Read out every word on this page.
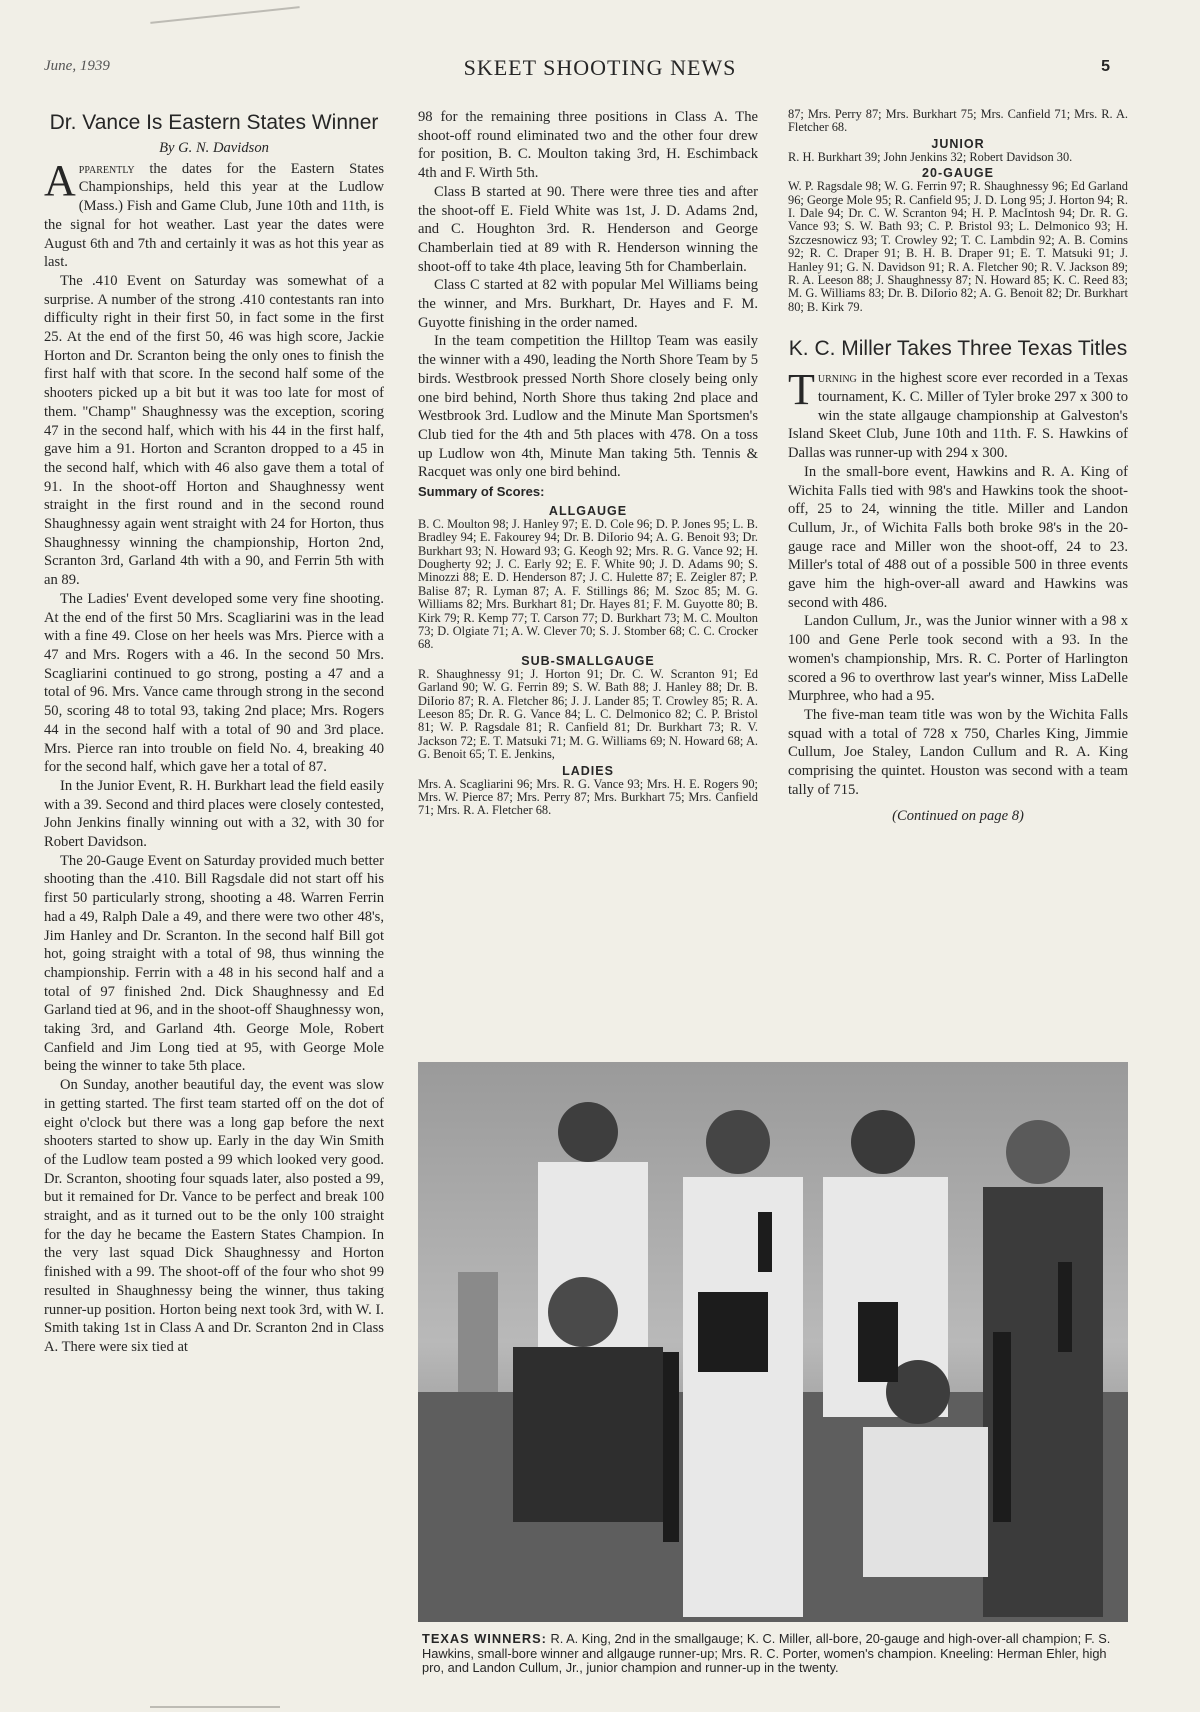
June, 1939	SKEET SHOOTING NEWS	5
Dr. Vance Is Eastern States Winner
By G. N. Davidson

Apparently the dates for the Eastern States Championships, held this year at the Ludlow (Mass.) Fish and Game Club, June 10th and 11th, is the signal for hot weather. Last year the dates were August 6th and 7th and certainly it was as hot this year as last.

The .410 Event on Saturday was somewhat of a surprise. A number of the strong .410 contestants ran into difficulty right in their first 50, in fact some in the first 25. At the end of the first 50, 46 was high score, Jackie Horton and Dr. Scranton being the only ones to finish the first half with that score. In the second half some of the shooters picked up a bit but it was too late for most of them. "Champ" Shaughnessy was the exception, scoring 47 in the second half, which with his 44 in the first half, gave him a 91. Horton and Scranton dropped to a 45 in the second half, which with 46 also gave them a total of 91. In the shoot-off Horton and Shaughnessy went straight in the first round and in the second round Shaughnessy again went straight with 24 for Horton, thus Shaughnessy winning the championship, Horton 2nd, Scranton 3rd, Garland 4th with a 90, and Ferrin 5th with an 89.

The Ladies' Event developed some very fine shooting. At the end of the first 50 Mrs. Scagliarini was in the lead with a fine 49. Close on her heels was Mrs. Pierce with a 47 and Mrs. Rogers with a 46. In the second 50 Mrs. Scagliarini continued to go strong, posting a 47 and a total of 96. Mrs. Vance came through strong in the second 50, scoring 48 to total 93, taking 2nd place; Mrs. Rogers 44 in the second half with a total of 90 and 3rd place. Mrs. Pierce ran into trouble on field No. 4, breaking 40 for the second half, which gave her a total of 87.

In the Junior Event, R. H. Burkhart lead the field easily with a 39. Second and third places were closely contested, John Jenkins finally winning out with a 32, with 30 for Robert Davidson.

The 20-Gauge Event on Saturday provided much better shooting than the .410. Bill Ragsdale did not start off his first 50 particularly strong, shooting a 48. Warren Ferrin had a 49, Ralph Dale a 49, and there were two other 48's, Jim Hanley and Dr. Scranton. In the second half Bill got hot, going straight with a total of 98, thus winning the championship. Ferrin with a 48 in his second half and a total of 97 finished 2nd. Dick Shaughnessy and Ed Garland tied at 96, and in the shoot-off Shaughnessy won, taking 3rd, and Garland 4th. George Mole, Robert Canfield and Jim Long tied at 95, with George Mole being the winner to take 5th place.

On Sunday, another beautiful day, the event was slow in getting started. The first team started off on the dot of eight o'clock but there was a long gap before the next shooters started to show up. Early in the day Win Smith of the Ludlow team posted a 99 which looked very good. Dr. Scranton, shooting four squads later, also posted a 99, but it remained for Dr. Vance to be perfect and break 100 straight, and as it turned out to be the only 100 straight for the day he became the Eastern States Champion. In the very last squad Dick Shaughnessy and Horton finished with a 99. The shoot-off of the four who shot 99 resulted in Shaughnessy being the winner, thus taking runner-up position. Horton being next took 3rd, with W. I. Smith taking 1st in Class A and Dr. Scranton 2nd in Class A. There were six tied at

98 for the remaining three positions in Class A. The shoot-off round eliminated two and the other four drew for position, B. C. Moulton taking 3rd, H. Eschimback 4th and F. Wirth 5th.

Class B started at 90. There were three ties and after the shoot-off E. Field White was 1st, J. D. Adams 2nd, and C. Houghton 3rd. R. Henderson and George Chamberlain tied at 89 with R. Henderson winning the shoot-off to take 4th place, leaving 5th for Chamberlain.

Class C started at 82 with popular Mel Williams being the winner, and Mrs. Burkhart, Dr. Hayes and F. M. Guyotte finishing in the order named.

In the team competition the Hilltop Team was easily the winner with a 490, leading the North Shore Team by 5 birds. Westbrook pressed North Shore closely being only one bird behind, North Shore thus taking 2nd place and Westbrook 3rd. Ludlow and the Minute Man Sportsmen's Club tied for the 4th and 5th places with 478. On a toss up Ludlow won 4th, Minute Man taking 5th. Tennis & Racquet was only one bird behind.

Summary of Scores:
ALLGAUGE
B. C. Moulton 98; J. Hanley 97; E. D. Cole 96; D. P. Jones 95; L. B. Bradley 94; E. Fakourey 94; Dr. B. DiIorio 94; A. G. Benoit 93; Dr. Burkhart 93; N. Howard 93; G. Keogh 92; Mrs. R. G. Vance 92; H. Dougherty 92; J. C. Early 92; E. F. White 90; J. D. Adams 90; S. Minozzi 88; E. D. Henderson 87; J. C. Hulette 87; E. Zeigler 87; P. Balise 87; R. Lyman 87; A. F. Stillings 86; M. Szoc 85; M. G. Williams 82; Mrs. Burkhart 81; Dr. Hayes 81; F. M. Guyotte 80; B. Kirk 79; R. Kemp 77; T. Carson 77; D. Burkhart 73; M. C. Moulton 73; D. Olgiate 71; A. W. Clever 70; S. J. Stomber 68; C. C. Crocker 68.
SUB-SMALLGAUGE
R. Shaughnessy 91; J. Horton 91; Dr. C. W. Scranton 91; Ed Garland 90; W. G. Ferrin 89; S. W. Bath 88; J. Hanley 88; Dr. B. DiIorio 87; R. A. Fletcher 86; J. J. Lander 85; T. Crowley 85; R. A. Leeson 85; Dr. R. G. Vance 84; L. C. Delmonico 82; C. P. Bristol 81; W. P. Ragsdale 81; R. Canfield 81; Dr. Burkhart 73; R. V. Jackson 72; E. T. Matsuki 71; M. G. Williams 69; N. Howard 68; A. G. Benoit 65; T. E. Jenkins,
LADIES
Mrs. A. Scagliarini 96; Mrs. R. G. Vance 93; Mrs. H. E. Rogers 90; Mrs. W. Pierce 87; Mrs. Perry 87; Mrs. Burkhart 75; Mrs. Canfield 71; Mrs. R. A. Fletcher 68.
87; Mrs. Perry 87; Mrs. Burkhart 75; Mrs. Canfield 71; Mrs. R. A. Fletcher 68.
JUNIOR
R. H. Burkhart 39; John Jenkins 32; Robert Davidson 30.
20-GAUGE
W. P. Ragsdale 98; W. G. Ferrin 97; R. Shaughnessy 96; Ed Garland 96; George Mole 95; R. Canfield 95; J. D. Long 95; J. Horton 94; R. I. Dale 94; Dr. C. W. Scranton 94; H. P. MacIntosh 94; Dr. R. G. Vance 93; S. W. Bath 93; C. P. Bristol 93; L. Delmonico 93; H. Szczesnowicz 93; T. Crowley 92; T. C. Lambdin 92; A. B. Comins 92; R. C. Draper 91; B. H. B. Draper 91; E. T. Matsuki 91; J. Hanley 91; G. N. Davidson 91; R. A. Fletcher 90; R. V. Jackson 89; R. A. Leeson 88; J. Shaughnessy 87; N. Howard 85; K. C. Reed 83; M. G. Williams 83; Dr. B. DiIorio 82; A. G. Benoit 82; Dr. Burkhart 80; B. Kirk 79.
K. C. Miller Takes Three Texas Titles

Turning in the highest score ever recorded in a Texas tournament, K. C. Miller of Tyler broke 297 x 300 to win the state allgauge championship at Galveston's Island Skeet Club, June 10th and 11th. F. S. Hawkins of Dallas was runner-up with 294 x 300.

In the small-bore event, Hawkins and R. A. King of Wichita Falls tied with 98's and Hawkins took the shoot-off, 25 to 24, winning the title. Miller and Landon Cullum, Jr., of Wichita Falls both broke 98's in the 20-gauge race and Miller won the shoot-off, 24 to 23. Miller's total of 488 out of a possible 500 in three events gave him the high-over-all award and Hawkins was second with 486.

Landon Cullum, Jr., was the Junior winner with a 98 x 100 and Gene Perle took second with a 93. In the women's championship, Mrs. R. C. Porter of Harlington scored a 96 to overthrow last year's winner, Miss LaDelle Murphree, who had a 95.

The five-man team title was won by the Wichita Falls squad with a total of 728 x 750, Charles King, Jimmie Cullum, Joe Staley, Landon Cullum and R. A. King comprising the quintet. Houston was second with a team tally of 715.

(Continued on page 8)
TEXAS WINNERS: R. A. King, 2nd in the smallgauge; K. C. Miller, all-bore, 20-gauge and high-over-all champion; F. S. Hawkins, small-bore winner and allgauge runner-up; Mrs. R. C. Porter, women's champion. Kneeling: Herman Ehler, high pro, and Landon Cullum, Jr., junior champion and runner-up in the twenty.
